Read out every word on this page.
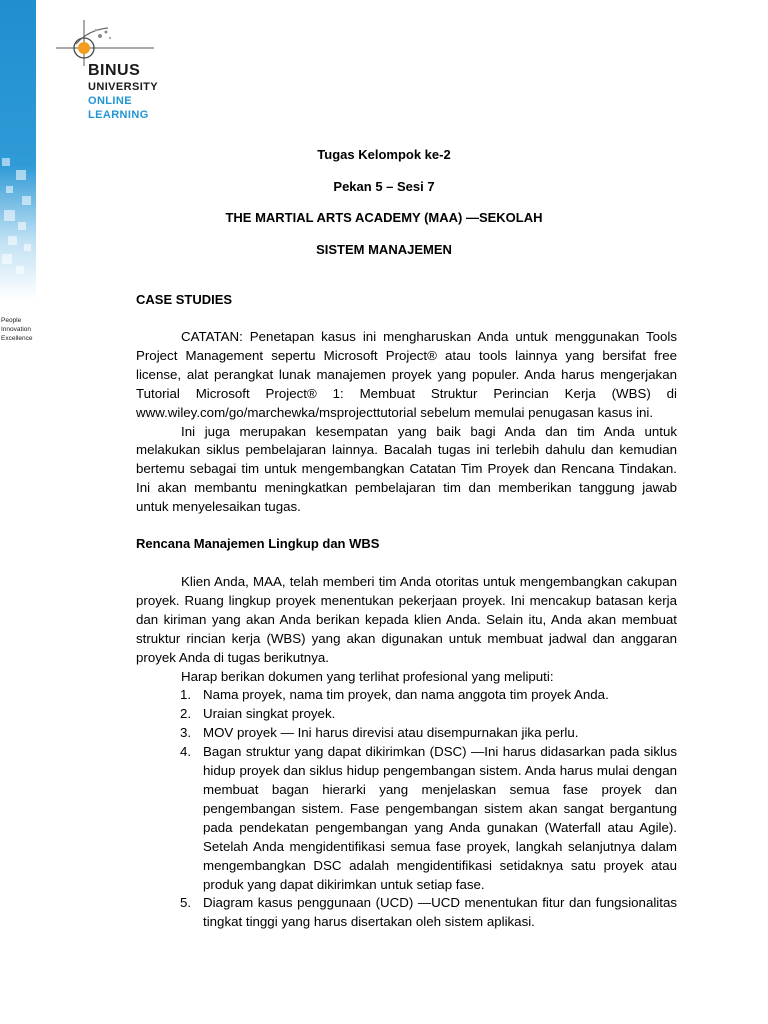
People
Innovation
Excellence
BINUS
UNIVERSITY
ONLINE
LEARNING
Tugas Kelompok ke-2
Pekan 5 – Sesi 7
THE MARTIAL ARTS ACADEMY (MAA) —SEKOLAH
SISTEM MANAJEMEN
CASE STUDIES

CATATAN: Penetapan kasus ini mengharuskan Anda untuk menggunakan Tools Project Management sepertu Microsoft Project® atau tools lainnya yang bersifat free license, alat perangkat lunak manajemen proyek yang populer. Anda harus mengerjakan Tutorial Microsoft Project® 1: Membuat Struktur Perincian Kerja (WBS) di www.wiley.com/go/marchewka/msprojecttutorial sebelum memulai penugasan kasus ini.

Ini juga merupakan kesempatan yang baik bagi Anda dan tim Anda untuk melakukan siklus pembelajaran lainnya. Bacalah tugas ini terlebih dahulu dan kemudian bertemu sebagai tim untuk mengembangkan Catatan Tim Proyek dan Rencana Tindakan. Ini akan membantu meningkatkan pembelajaran tim dan memberikan tanggung jawab untuk menyelesaikan tugas.

Rencana Manajemen Lingkup dan WBS

Klien Anda, MAA, telah memberi tim Anda otoritas untuk mengembangkan cakupan proyek. Ruang lingkup proyek menentukan pekerjaan proyek. Ini mencakup batasan kerja dan kiriman yang akan Anda berikan kepada klien Anda. Selain itu, Anda akan membuat struktur rincian kerja (WBS) yang akan digunakan untuk membuat jadwal dan anggaran proyek Anda di tugas berikutnya.

Harap berikan dokumen yang terlihat profesional yang meliputi:

1. Nama proyek, nama tim proyek, dan nama anggota tim proyek Anda.
2. Uraian singkat proyek.
3. MOV proyek — Ini harus direvisi atau disempurnakan jika perlu.
4. Bagan struktur yang dapat dikirimkan (DSC) —Ini harus didasarkan pada siklus hidup proyek dan siklus hidup pengembangan sistem. Anda harus mulai dengan membuat bagan hierarki yang menjelaskan semua fase proyek dan pengembangan sistem. Fase pengembangan sistem akan sangat bergantung pada pendekatan pengembangan yang Anda gunakan (Waterfall atau Agile). Setelah Anda mengidentifikasi semua fase proyek, langkah selanjutnya dalam mengembangkan DSC adalah mengidentifikasi setidaknya satu proyek atau produk yang dapat dikirimkan untuk setiap fase.
5. Diagram kasus penggunaan (UCD) —UCD menentukan fitur dan fungsionalitas tingkat tinggi yang harus disertakan oleh sistem aplikasi.
